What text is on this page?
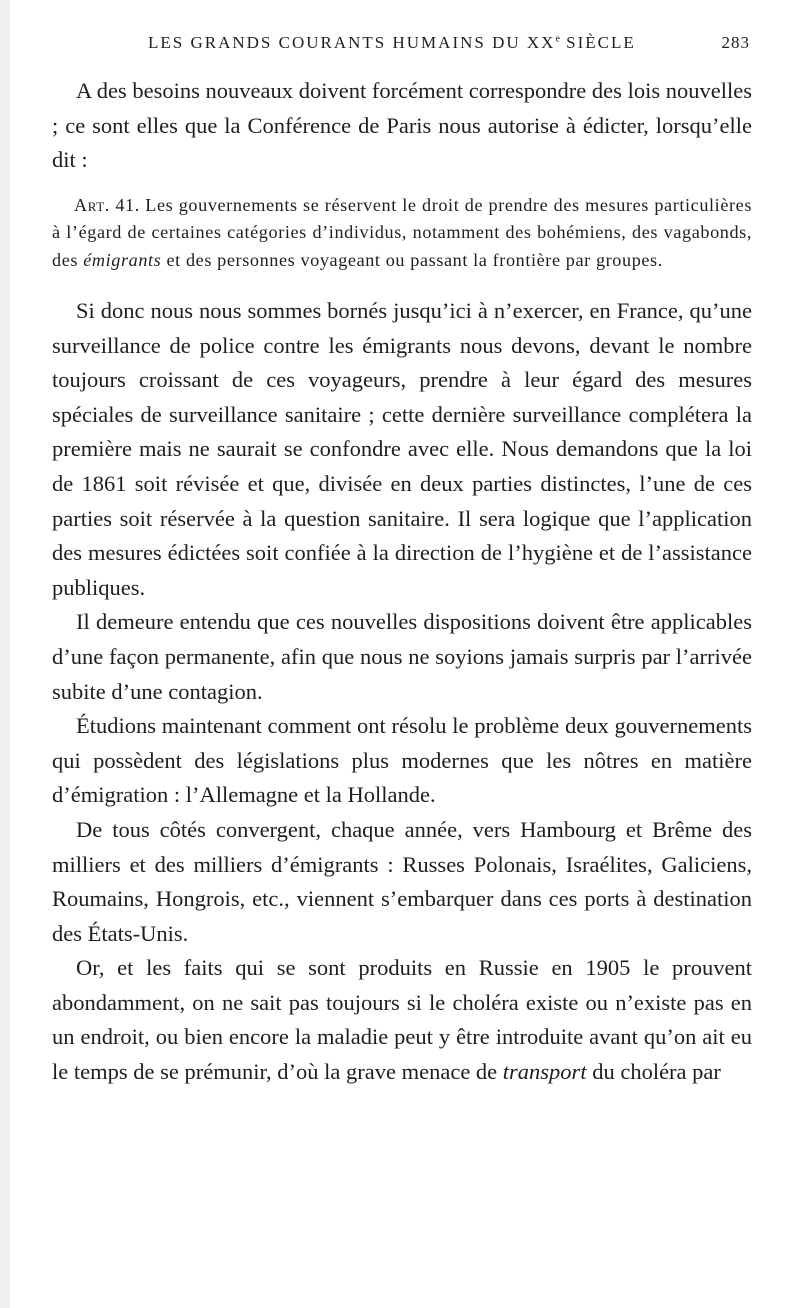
LES GRANDS COURANTS HUMAINS DU XXe SIÈCLE	283

A des besoins nouveaux doivent forcément correspondre des lois nouvelles ; ce sont elles que la Conférence de Paris nous autorise à édicter, lorsqu’elle dit :

Art. 41. Les gouvernements se réservent le droit de prendre des mesures particulières à l’égard de certaines catégories d’individus, notamment des bohémiens, des vagabonds, des émigrants et des personnes voyageant ou passant la frontière par groupes.

Si donc nous nous sommes bornés jusqu’ici à n’exercer, en France, qu’une surveillance de police contre les émigrants nous devons, devant le nombre toujours croissant de ces voyageurs, prendre à leur égard des mesures spéciales de surveillance sanitaire ; cette dernière surveillance complétera la première mais ne saurait se confondre avec elle. Nous demandons que la loi de 1861 soit révisée et que, divisée en deux parties distinctes, l’une de ces parties soit réservée à la question sanitaire. Il sera logique que l’application des mesures édictées soit confiée à la direction de l’hygiène et de l’assistance publiques.

Il demeure entendu que ces nouvelles dispositions doivent être applicables d’une façon permanente, afin que nous ne soyions jamais surpris par l’arrivée subite d’une contagion.

Étudions maintenant comment ont résolu le problème deux gouvernements qui possèdent des législations plus modernes que les nôtres en matière d’émigration : l’Allemagne et la Hollande.

De tous côtés convergent, chaque année, vers Hambourg et Brême des milliers et des milliers d’émigrants : Russes Polonais, Israélites, Galiciens, Roumains, Hongrois, etc., viennent s’embarquer dans ces ports à destination des États-Unis.

Or, et les faits qui se sont produits en Russie en 1905 le prouvent abondamment, on ne sait pas toujours si le choléra existe ou n’existe pas en un endroit, ou bien encore la maladie peut y être introduite avant qu’on ait eu le temps de se prémunir, d’où la grave menace de transport du choléra par
